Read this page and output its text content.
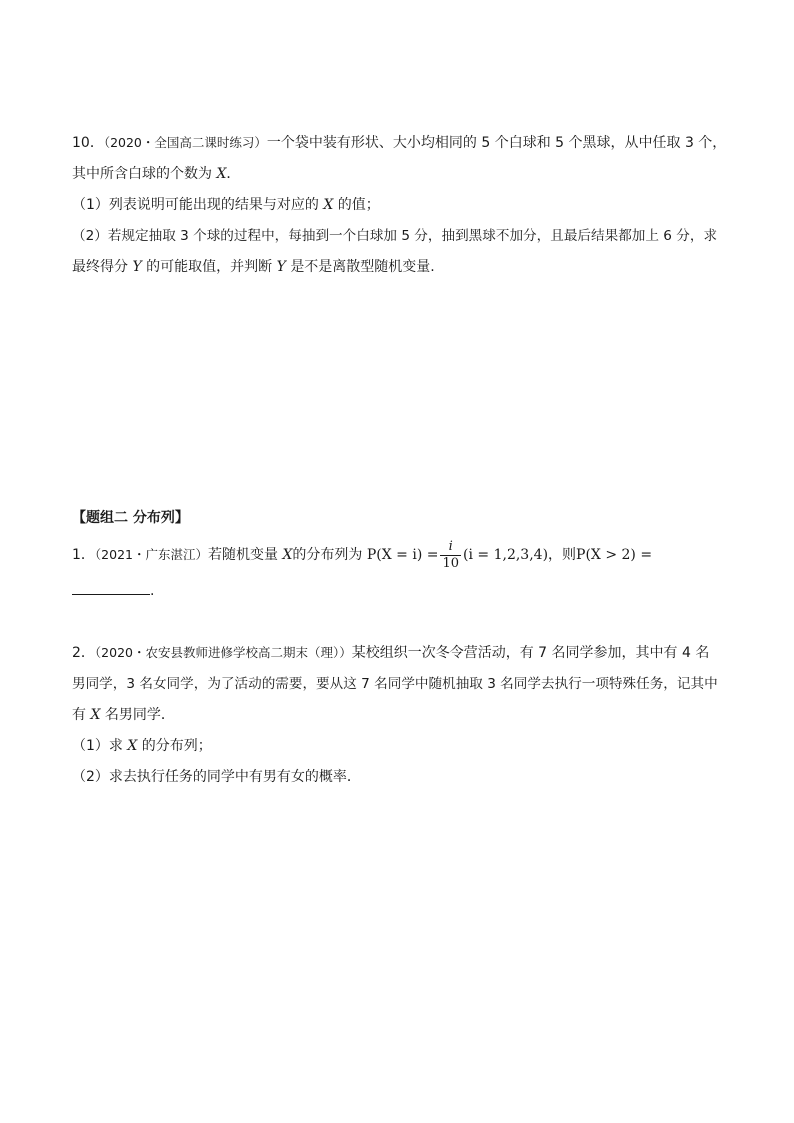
10．（2020・全国高二课时练习）一个袋中装有形状、大小均相同的 5 个白球和 5 个黑球，从中任取 3 个，
其中所含白球的个数为 X．
（1）列表说明可能出现的结果与对应的 X 的值；
（2）若规定抽取 3 个球的过程中，每抽到一个白球加 5 分，抽到黑球不加分，且最后结果都加上 6 分，求
最终得分 Y 的可能取值，并判断 Y 是不是离散型随机变量.
【题组二 分布列】
1．（2021・广东湛江）若随机变量 X的分布列为 $P(X = i) = \frac{i}{10} (i = 1,2,3,4)$，则P(X > 2) =
.
2．（2020・农安县教师进修学校高二期末（理））某校组织一次冬令营活动，有 7 名同学参加，其中有 4 名
男同学，3 名女同学，为了活动的需要，要从这 7 名同学中随机抽取 3 名同学去执行一项特殊任务，记其中
有 X 名男同学．
（1）求 X 的分布列；
（2）求去执行任务的同学中有男有女的概率．
